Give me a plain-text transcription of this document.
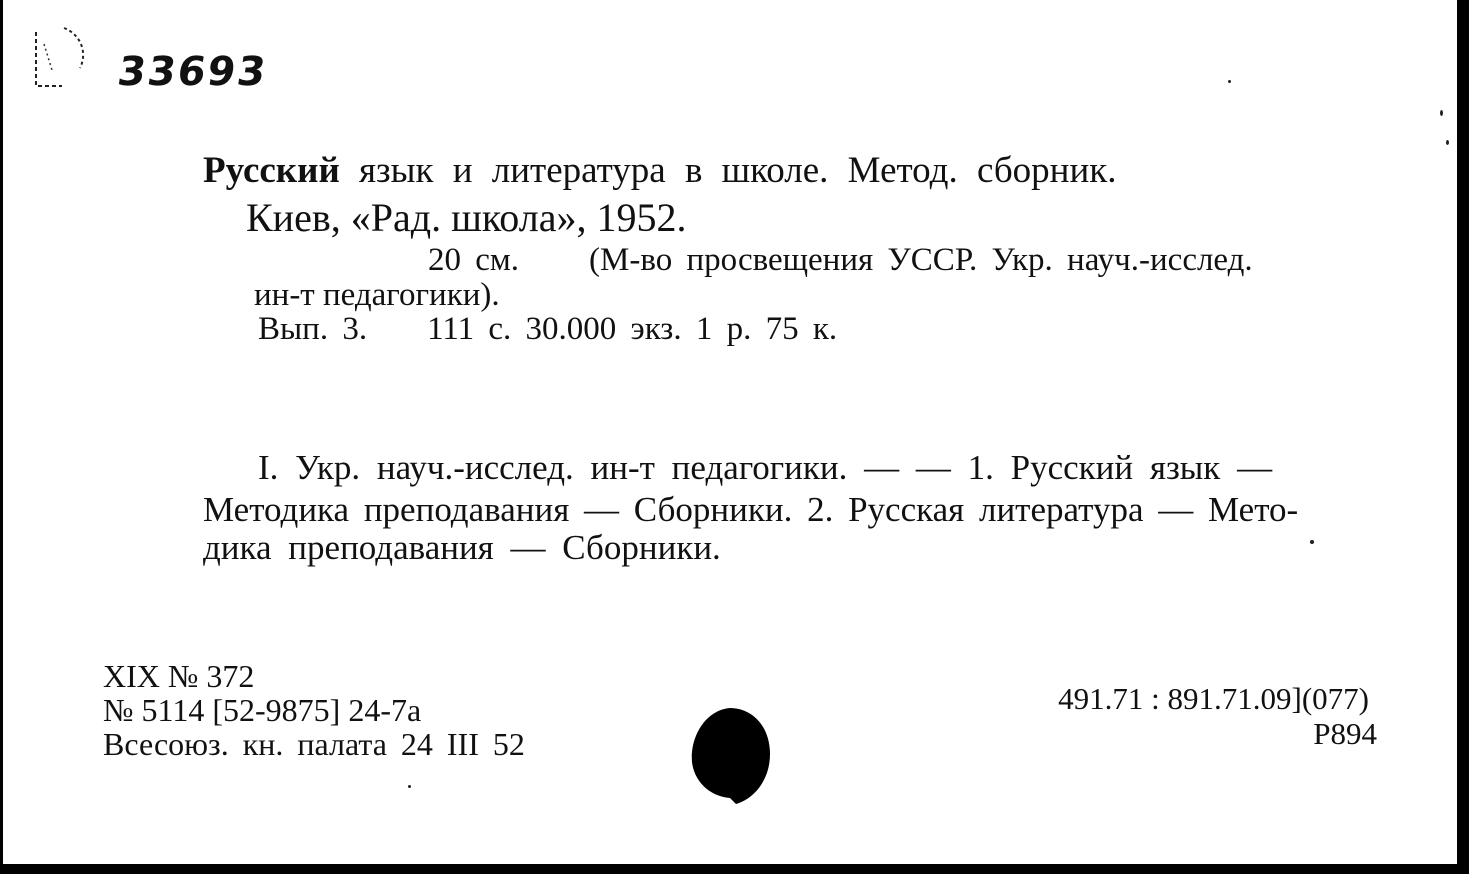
33693
Русский язык и литература в школе. Метод. сборник.
Киев, «Рад. школа», 1952.
20 см. (М-во просвещения УССР. Укр. науч.-исслед.
ин-т педагогики).
Вып. 3. 111 с. 30.000 экз. 1 р. 75 к.
I. Укр. науч.-исслед. ин-т педагогики. — — 1. Русский язык —
Методика преподавания — Сборники. 2. Русская литература — Мето-
дика преподавания — Сборники.
XIX № 372
№ 5114 [52-9875] 24-7а
Всесоюз. кн. палата 24 III 52
491.71 : 891.71.09](077)
Р894
